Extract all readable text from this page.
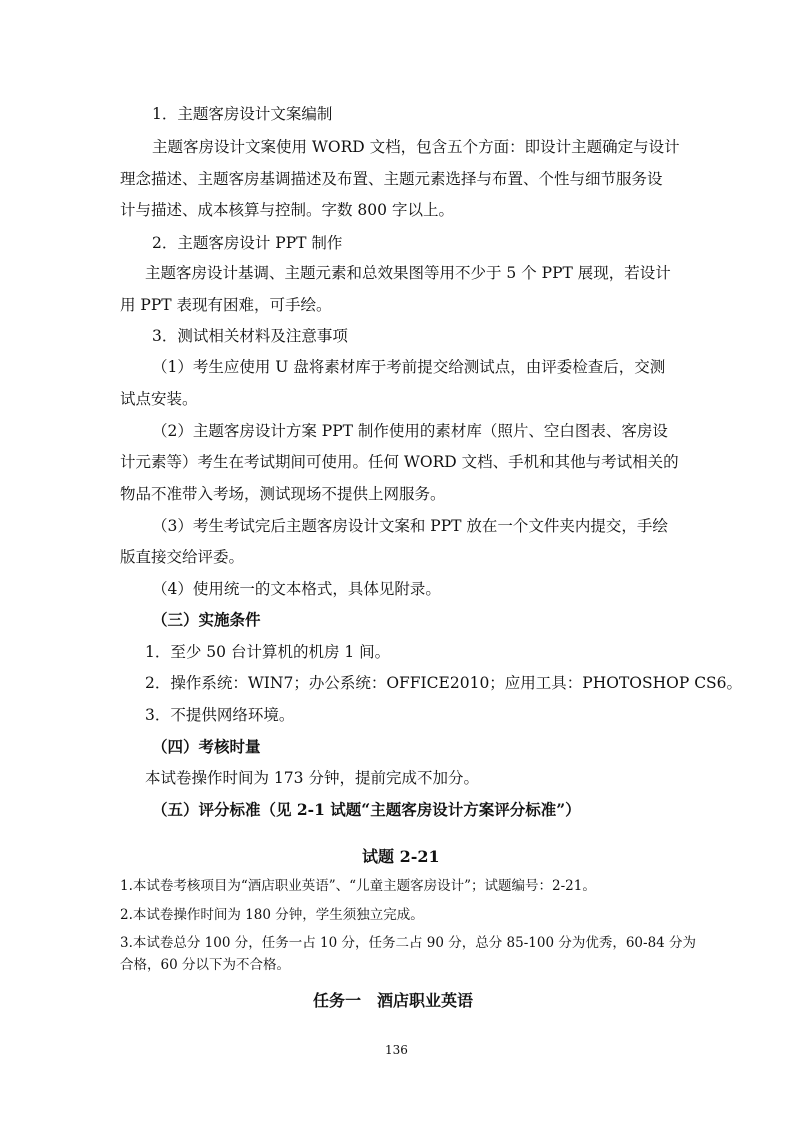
1．主题客房设计文案编制
主题客房设计文案使用 WORD 文档，包含五个方面：即设计主题确定与设计
理念描述、主题客房基调描述及布置、主题元素选择与布置、个性与细节服务设
计与描述、成本核算与控制。字数 800 字以上。
2．主题客房设计 PPT 制作
主题客房设计基调、主题元素和总效果图等用不少于 5 个 PPT 展现，若设计
用 PPT 表现有困难，可手绘。
3．测试相关材料及注意事项
（1）考生应使用 U 盘将素材库于考前提交给测试点，由评委检查后，交测
试点安装。
（2）主题客房设计方案 PPT 制作使用的素材库（照片、空白图表、客房设
计元素等）考生在考试期间可使用。任何 WORD 文档、手机和其他与考试相关的
物品不准带入考场，测试现场不提供上网服务。
（3）考生考试完后主题客房设计文案和 PPT 放在一个文件夹内提交，手绘
版直接交给评委。
（4）使用统一的文本格式，具体见附录。
（三）实施条件
1．至少 50 台计算机的机房 1 间。
2．操作系统：WIN7；办公系统：OFFICE2010；应用工具：PHOTOSHOP CS6。
3．不提供网络环境。
（四）考核时量
本试卷操作时间为 173 分钟，提前完成不加分。
（五）评分标准（见 2-1 试题“主题客房设计方案评分标准”）
试题 2-21
1.本试卷考核项目为“酒店职业英语”、“儿童主题客房设计”；试题编号：2-21。
2.本试卷操作时间为 180 分钟，学生须独立完成。
3.本试卷总分 100 分，任务一占 10 分，任务二占 90 分，总分 85-100 分为优秀，60-84 分为
合格，60 分以下为不合格。
任务一　酒店职业英语
136
